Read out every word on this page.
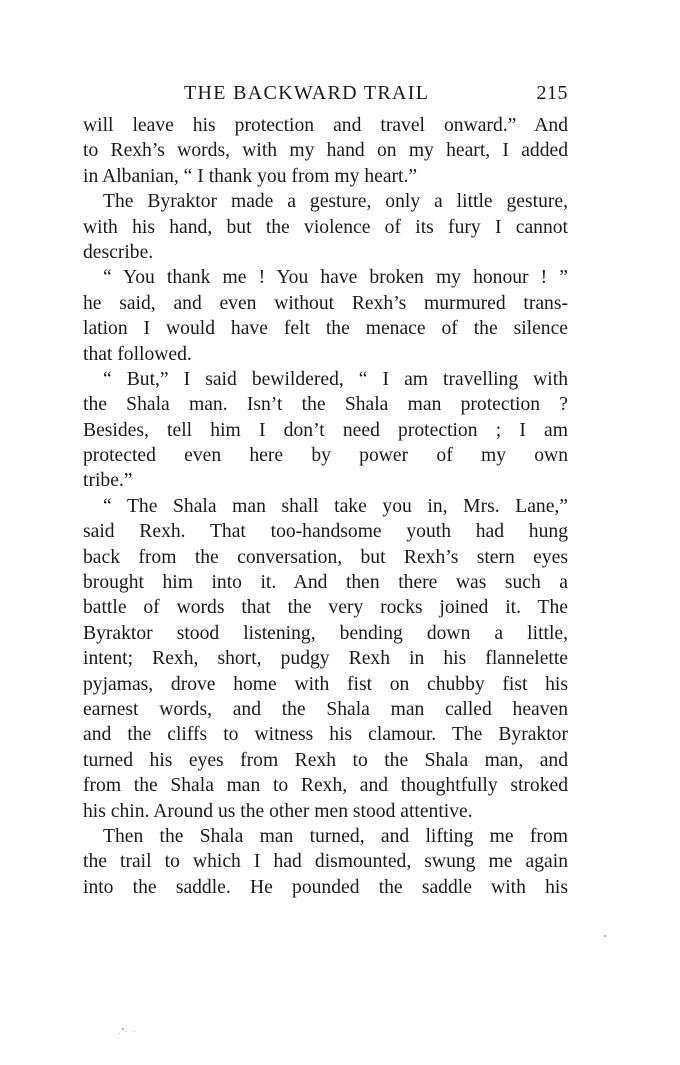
THE BACKWARD TRAIL	215
will leave his protection and travel onward.” And
to Rexh’s words, with my hand on my heart, I added
in Albanian, “ I thank you from my heart.”
The Byraktor made a gesture, only a little gesture,
with his hand, but the violence of its fury I cannot
describe.
“ You thank me ! You have broken my honour ! ”
he said, and even without Rexh’s murmured trans-
lation I would have felt the menace of the silence
that followed.
“ But,” I said bewildered, “ I am travelling with
the Shala man. Isn’t the Shala man protection ?
Besides, tell him I don’t need protection ; I am
protected even here by power of my own
tribe.”
“ The Shala man shall take you in, Mrs. Lane,”
said Rexh. That too-handsome youth had hung
back from the conversation, but Rexh’s stern eyes
brought him into it. And then there was such a
battle of words that the very rocks joined it. The
Byraktor stood listening, bending down a little,
intent; Rexh, short, pudgy Rexh in his flannelette
pyjamas, drove home with fist on chubby fist his
earnest words, and the Shala man called heaven
and the cliffs to witness his clamour. The Byraktor
turned his eyes from Rexh to the Shala man, and
from the Shala man to Rexh, and thoughtfully stroked
his chin. Around us the other men stood attentive.
Then the Shala man turned, and lifting me from
the trail to which I had dismounted, swung me again
into the saddle. He pounded the saddle with his
